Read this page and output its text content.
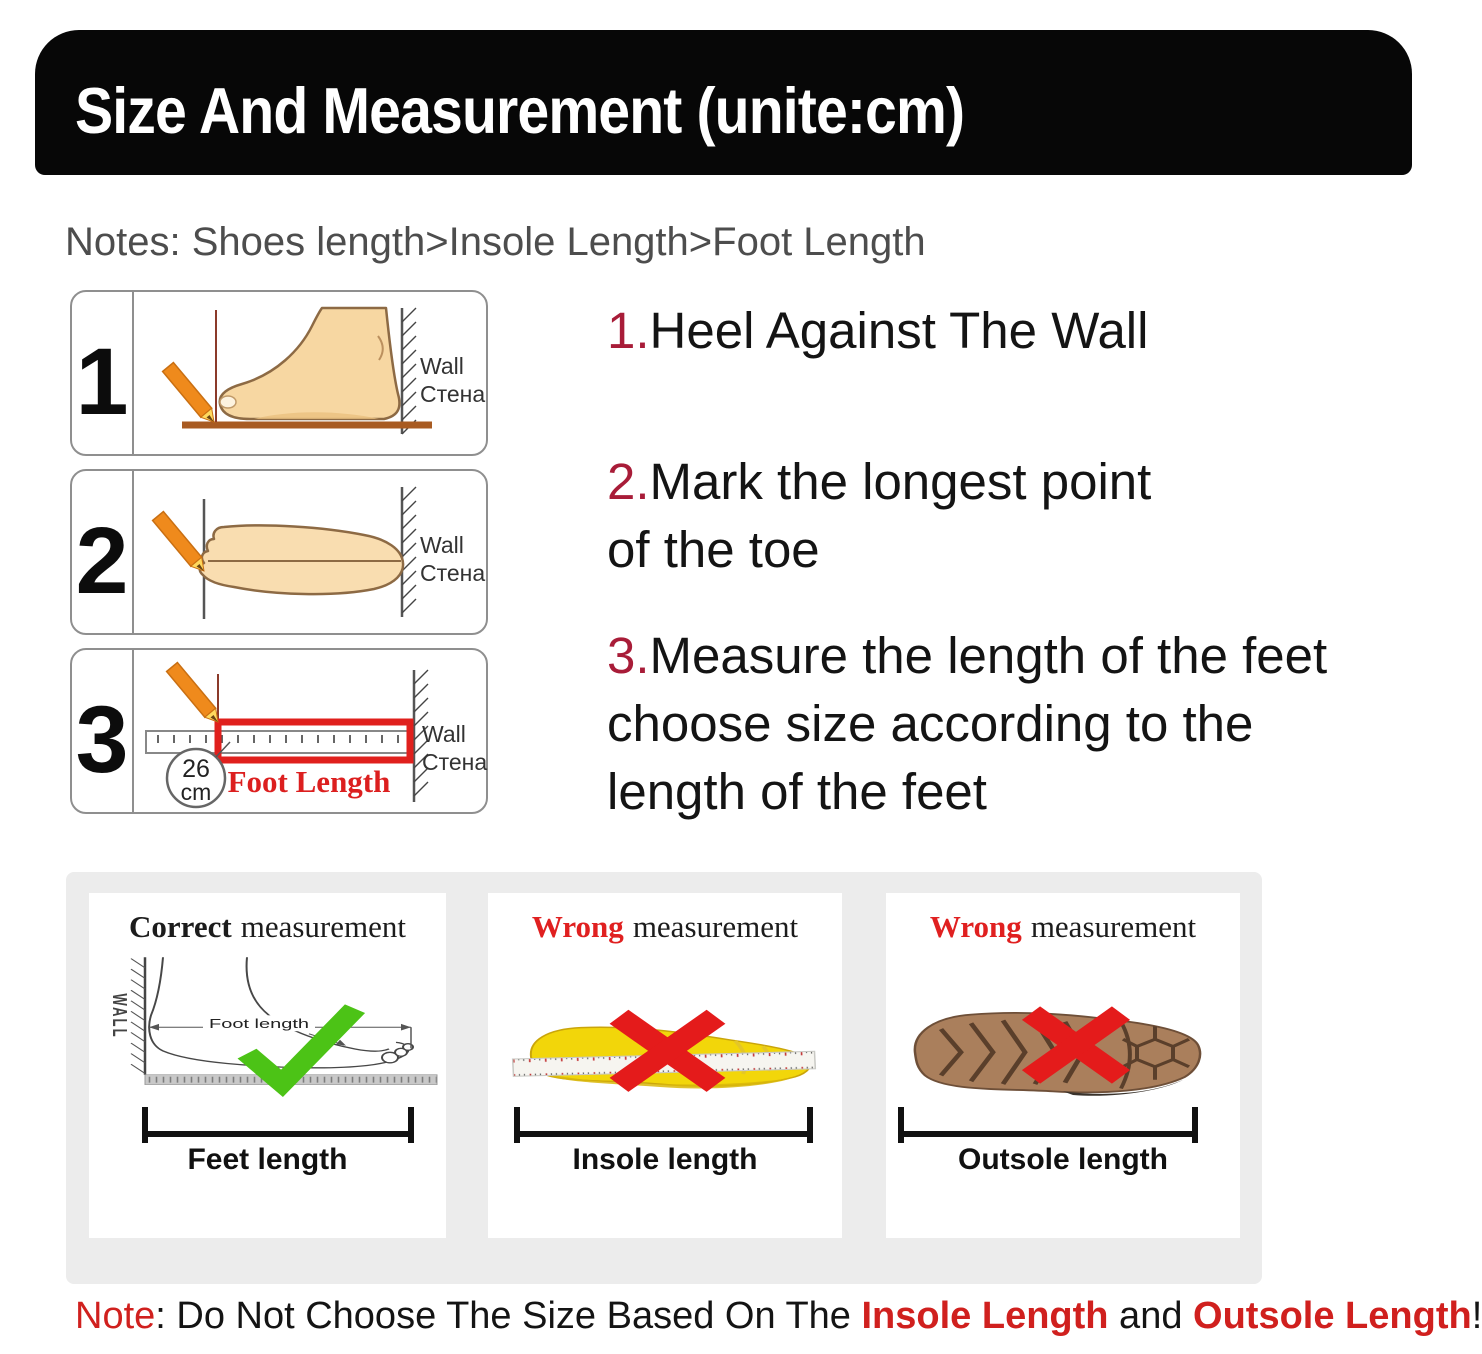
Size And Measurement (unite:cm)
Notes: Shoes length>Insole Length>Foot Length
1	Wall
Стена
2	Wall
Стена
3	Wall
Стена
26
cm Foot Length
1.Heel Against The Wall
2.Mark the longest point
of the toe
3.Measure the length of the feet
choose size according to the
length of the feet
Correct measurement
WALL	Foot length
Feet length
Wrong measurement
Insole length
Wrong measurement
Outsole length
Note: Do Not Choose The Size Based On The Insole Length and Outsole Length!
